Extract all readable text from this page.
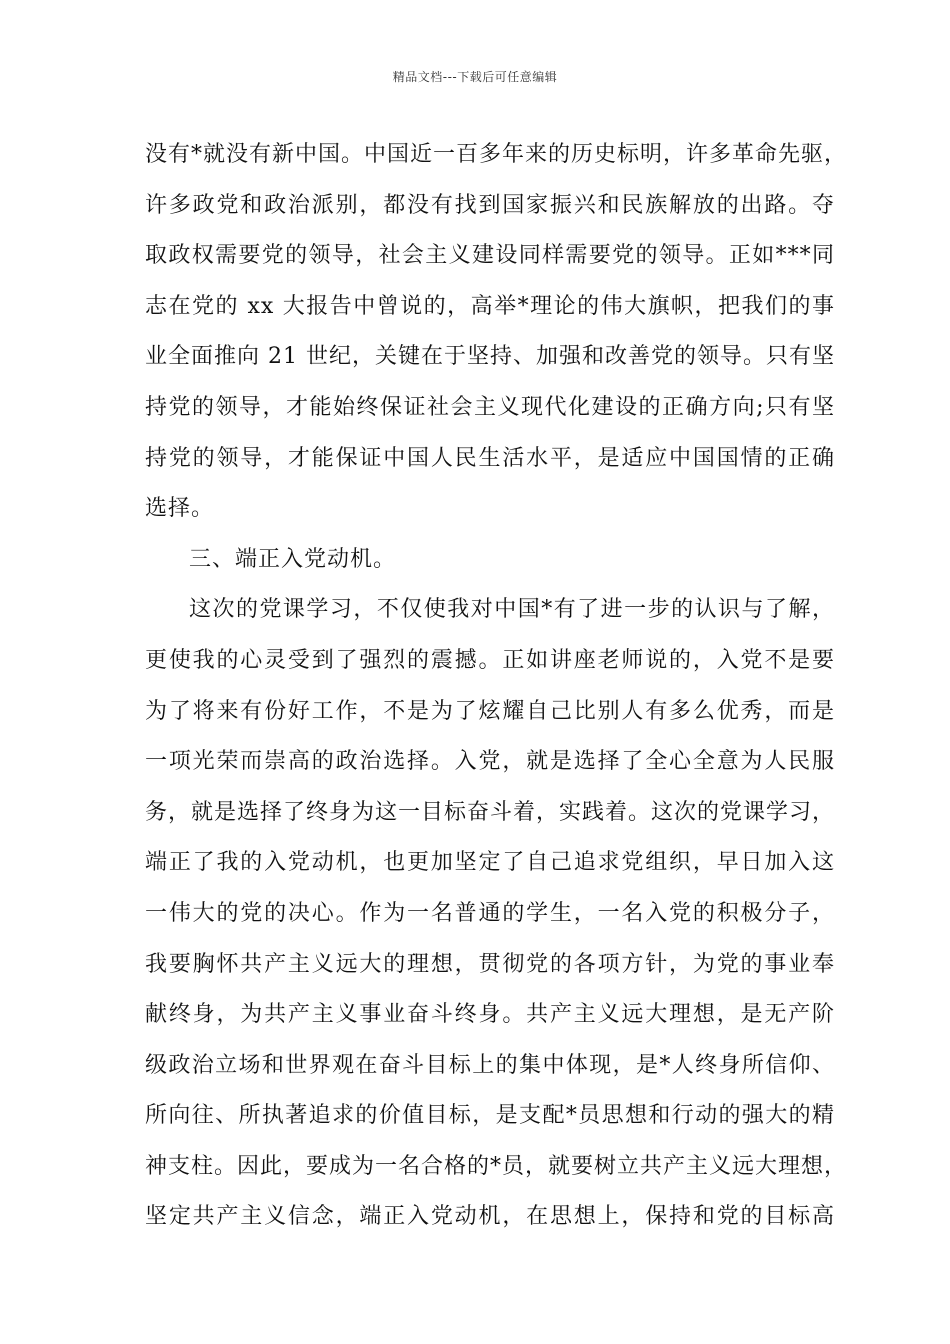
精品文档---下载后可任意编辑
没有*就没有新中国。中国近一百多年来的历史标明，许多革命先驱，
许多政党和政治派别，都没有找到国家振兴和民族解放的出路。夺
取政权需要党的领导，社会主义建设同样需要党的领导。正如***同
志在党的 xx 大报告中曾说的，高举*理论的伟大旗帜，把我们的事
业全面推向 21 世纪，关键在于坚持、加强和改善党的领导。只有坚
持党的领导，才能始终保证社会主义现代化建设的正确方向;只有坚
持党的领导，才能保证中国人民生活水平，是适应中国国情的正确
选择。
三、端正入党动机。
这次的党课学习，不仅使我对中国*有了进一步的认识与了解，
更使我的心灵受到了强烈的震撼。正如讲座老师说的，入党不是要
为了将来有份好工作，不是为了炫耀自己比别人有多么优秀，而是
一项光荣而崇高的政治选择。入党，就是选择了全心全意为人民服
务，就是选择了终身为这一目标奋斗着，实践着。这次的党课学习，
端正了我的入党动机，也更加坚定了自己追求党组织，早日加入这
一伟大的党的决心。作为一名普通的学生，一名入党的积极分子，
我要胸怀共产主义远大的理想，贯彻党的各项方针，为党的事业奉
献终身，为共产主义事业奋斗终身。共产主义远大理想，是无产阶
级政治立场和世界观在奋斗目标上的集中体现，是*人终身所信仰、
所向往、所执著追求的价值目标，是支配*员思想和行动的强大的精
神支柱。因此，要成为一名合格的*员，就要树立共产主义远大理想，
坚定共产主义信念，端正入党动机，在思想上，保持和党的目标高
